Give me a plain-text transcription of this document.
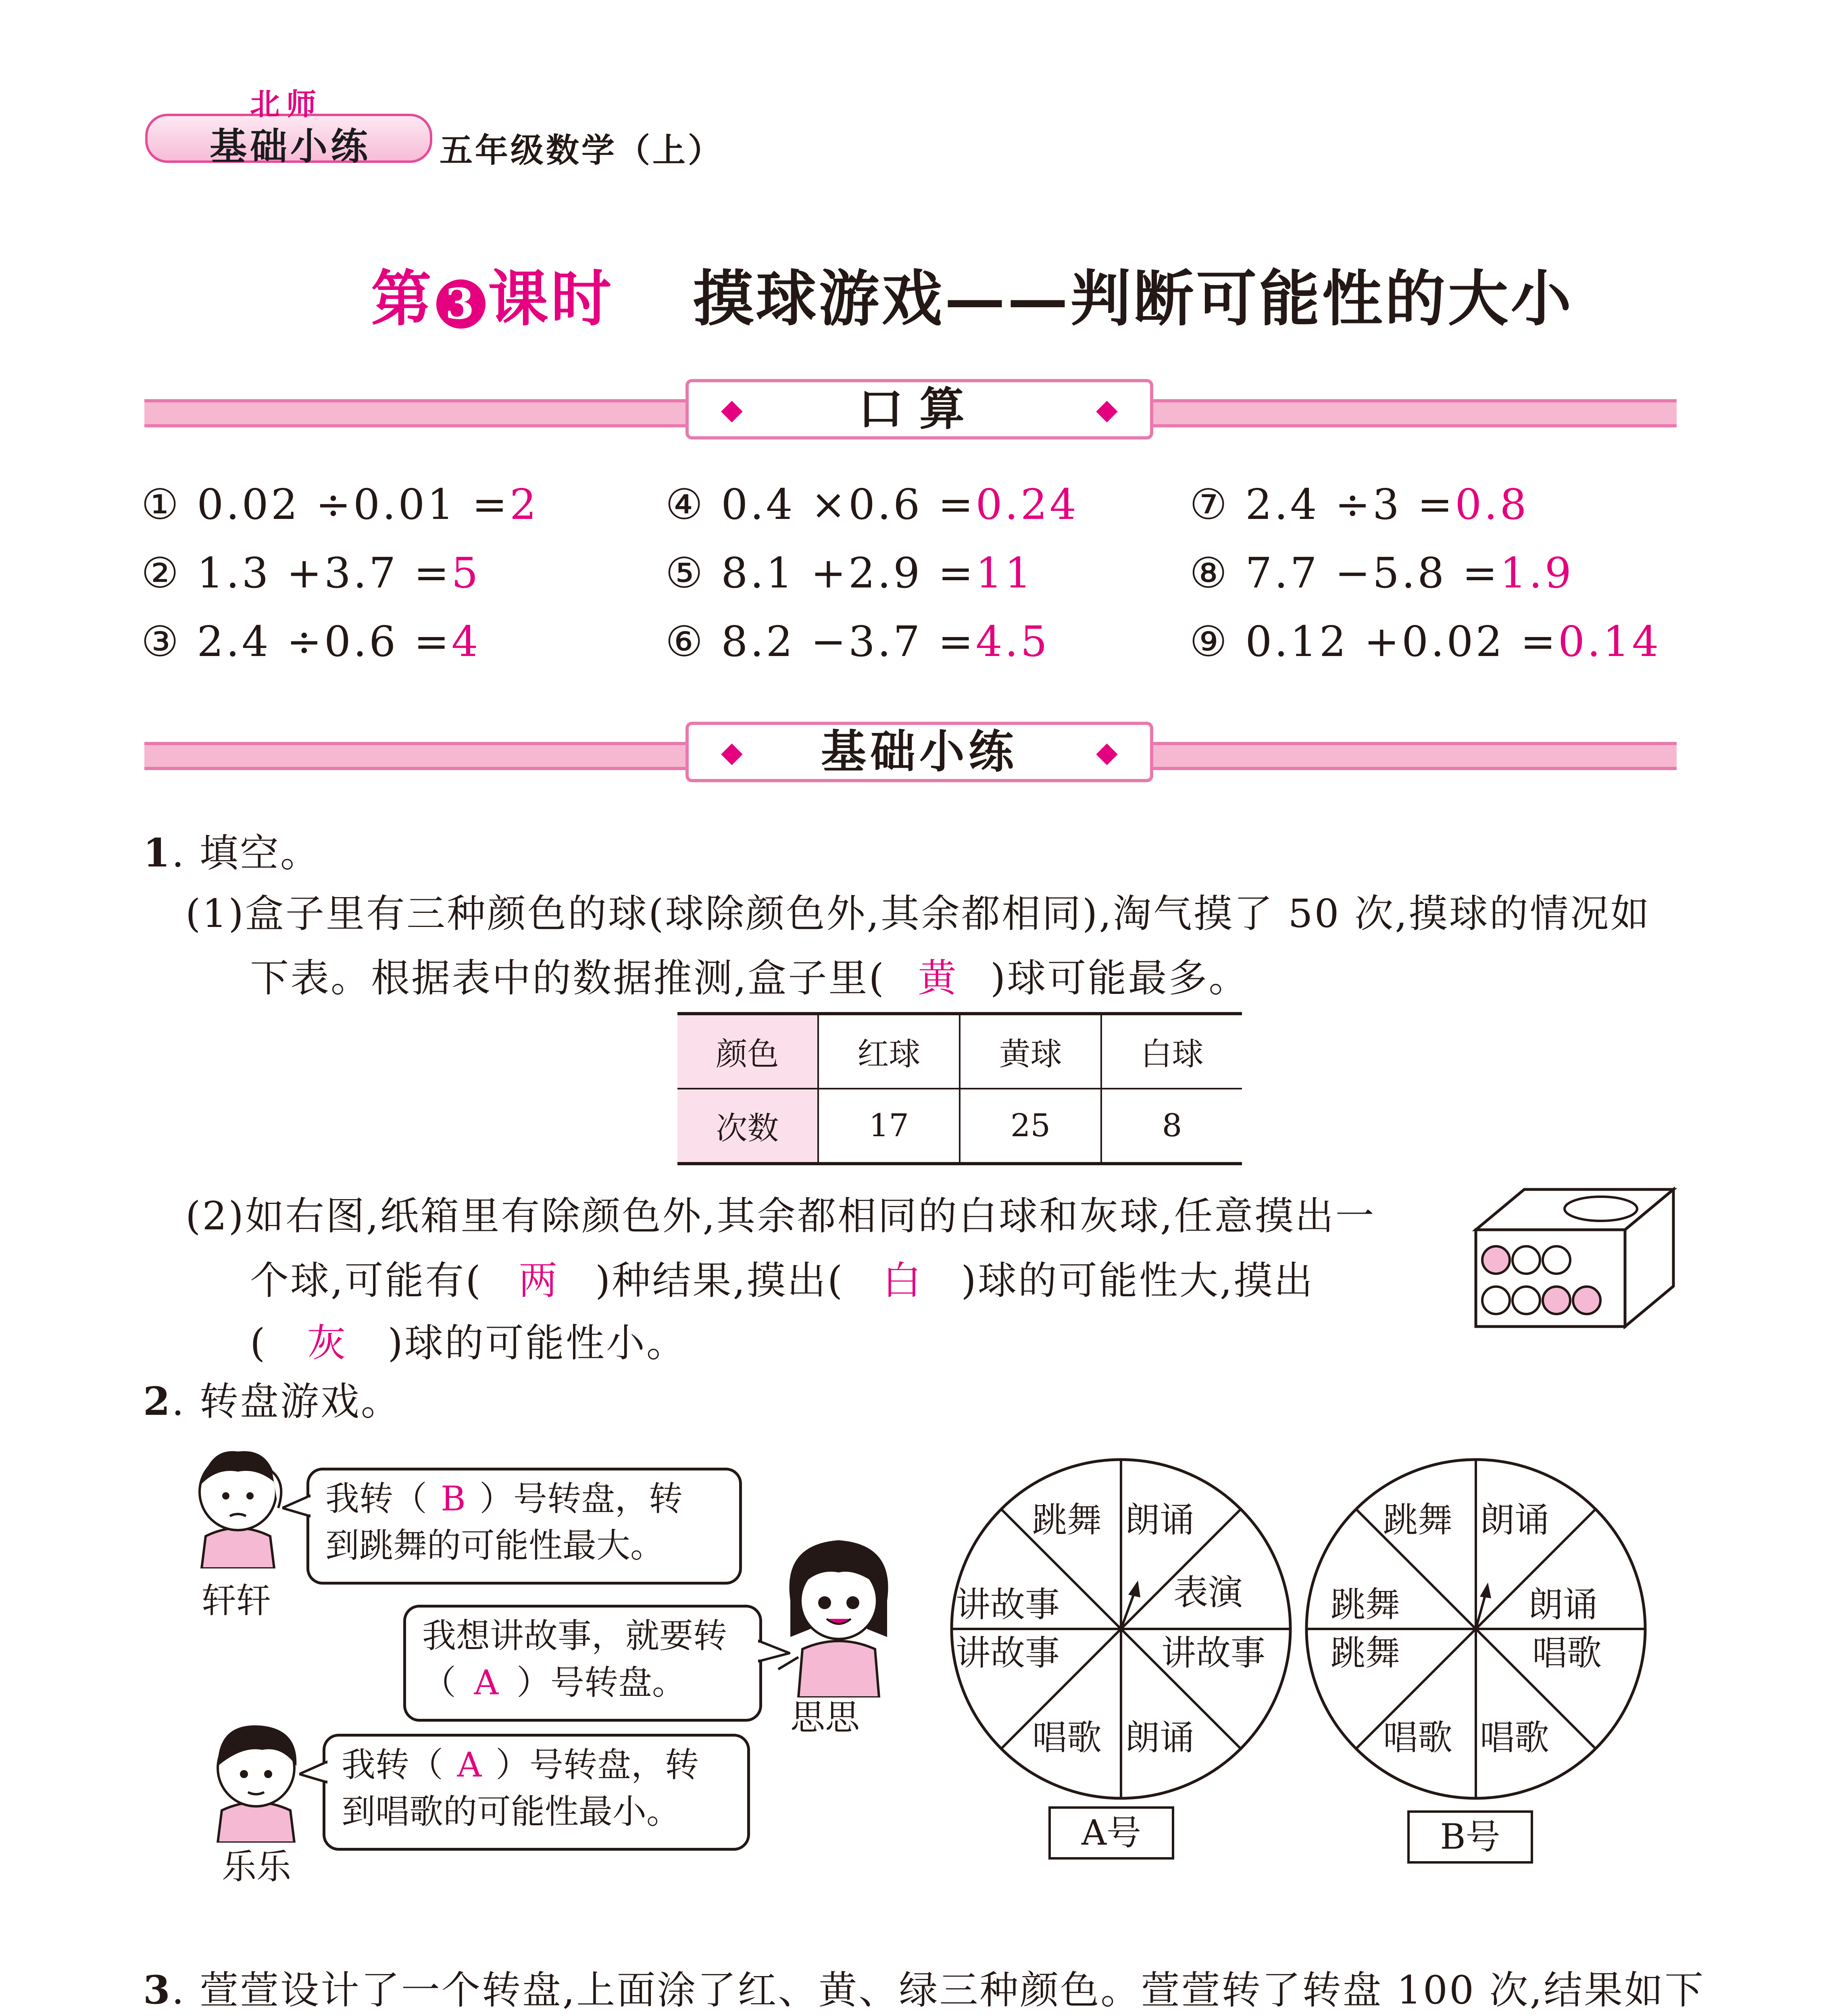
北师
基础小练 五年级数学（上）
第 3 课时 摸球游戏——判断可能性的大小
◆	口算	◆
① 0.02 ÷0.01 =2
② 1.3 +3.7 =5
③ 2.4 ÷0.6 =4
④ 0.4 ×0.6 =0.24
⑤ 8.1 +2.9 =11
⑥ 8.2 −3.7 =4.5
⑦ 2.4 ÷3 =0.8
⑧ 7.7 −5.8 =1.9
⑨ 0.12 +0.02 =0.14
◆ 基础小练	◆
1. 填空。
(1)盒子里有三种颜色的球(球除颜色外,其余都相同),淘气摸了 50 次,摸球的情况如
下表。根据表中的数据推测,盒子里( 黄 )球可能最多。
颜色	红球	黄球	白球
次数	17	25	8
(2)如右图,纸箱里有除颜色外,其余都相同的白球和灰球,任意摸出一
个球,可能有( 两 )种结果,摸出( 白 )球的可能性大,摸出
( 灰 )球的可能性小。
2. 转盘游戏。
轩轩
我转（ B ）号转盘，转
到跳舞的可能性最大。
我想讲故事，就要转
（ A ）号转盘。
思思
乐乐
我转（ A ）号转盘，转
到唱歌的可能性最小。
跳舞 朗诵
表演
讲故事
朗诵
唱歌
讲故事
讲故事
A号
跳舞 朗诵
朗诵
唱歌
唱歌
唱歌
跳舞
跳舞
B号
3. 萱萱设计了一个转盘,上面涂了红、黄、绿三种颜色。萱萱转了转盘 100 次,结果如下
